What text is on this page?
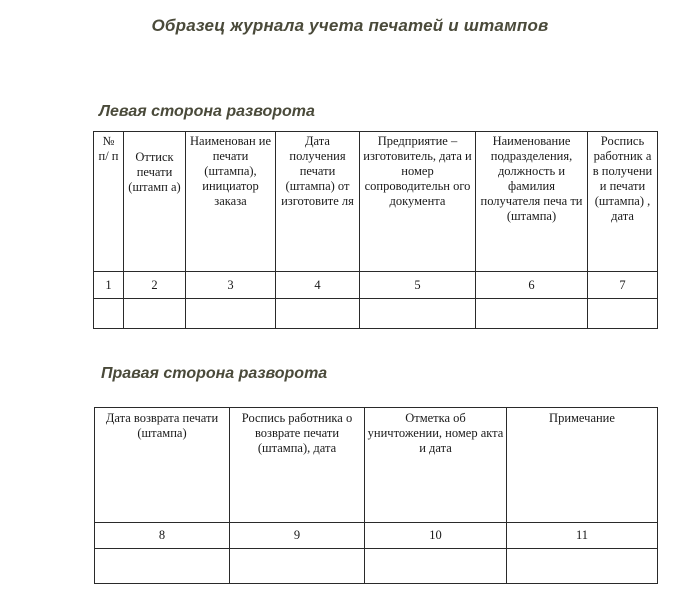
Образец журнала учета печатей и штампов
Левая сторона разворота
№ п/ п	Оттиск печати (штамп а)	Наименован ие печати (штампа), инициатор заказа	Дата получения печати (штампа) от изготовите ля	Предприятие – изготовитель, дата и номер сопроводительн ого документа	Наименование подразделения, должность и фамилия получателя печа ти (штампа)	Роспись работник а в получени и печати (штампа) , дата
1	2	3	4	5	6	7

Правая сторона разворота
Дата возврата печати (штампа)	Роспись работника о возврате печати (штампа), дата	Отметка об уничтожении, номер акта и дата	Примечание
8	9	10	11
